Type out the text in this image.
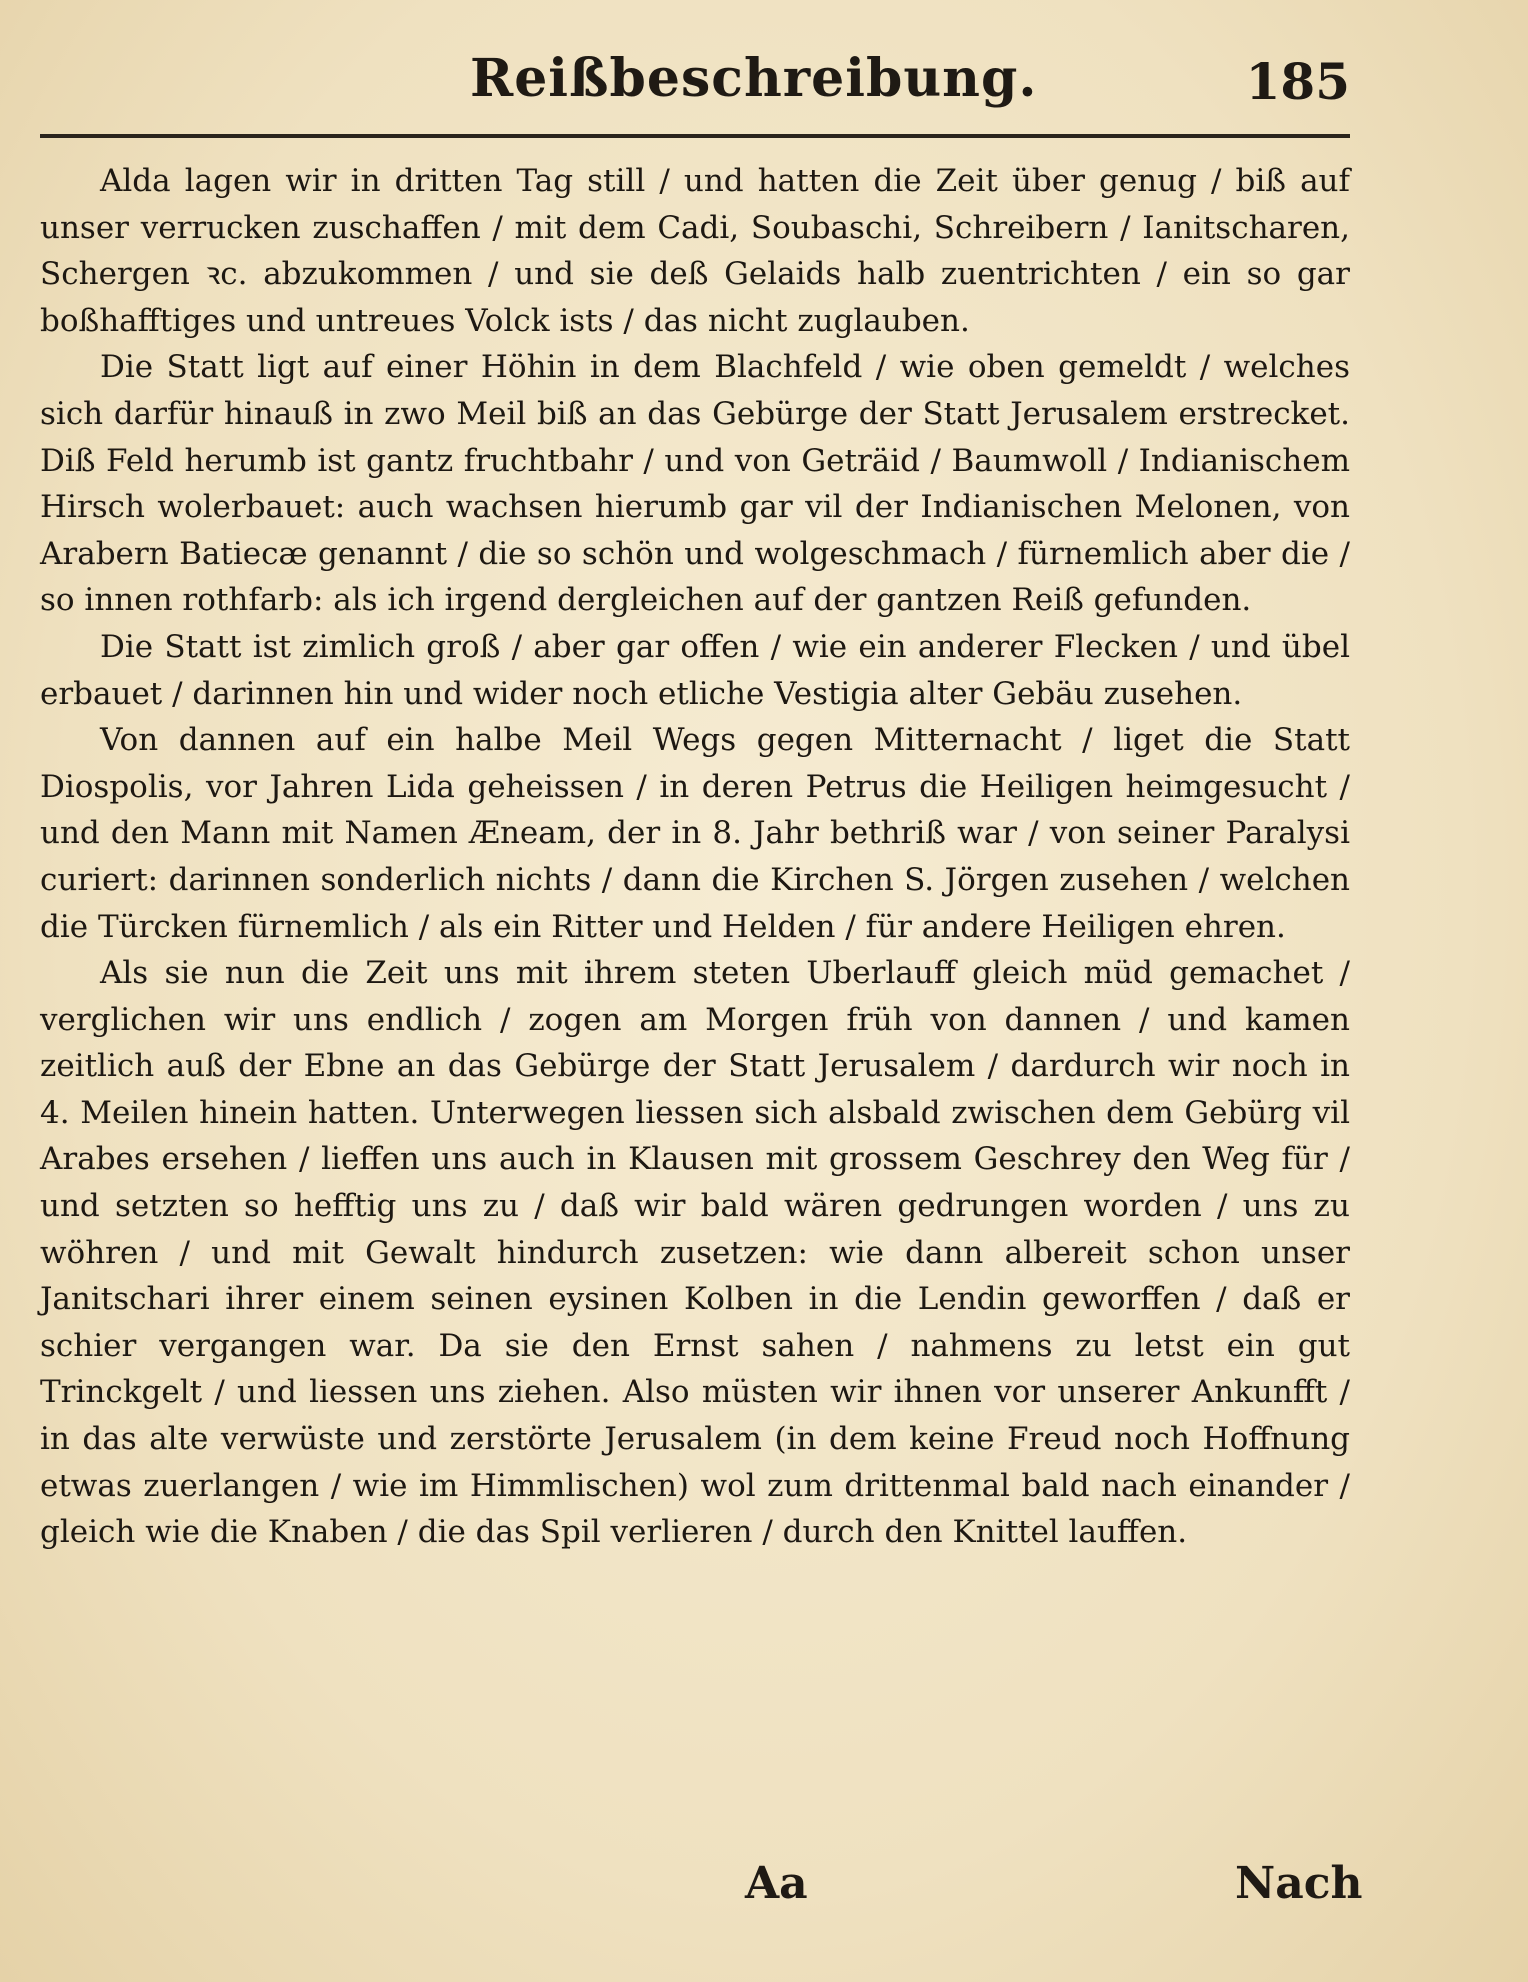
Reißbeschreibung.	185

Alda lagen wir in dritten Tag still / und hatten die Zeit über genug / biß auf unser verrucken zuschaffen / mit dem Cadi, Soubaschi, Schreibern / Ianitscharen, Schergen ꝛc. abzukommen / und sie deß Gelaids halb zuentrichten / ein so gar boßhafftiges und untreues Volck ists / das nicht zuglauben.

Die Statt ligt auf einer Höhin in dem Blachfeld / wie oben gemeldt / welches sich darfür hinauß in zwo Meil biß an das Gebürge der Statt Jerusalem erstrecket. Diß Feld herumb ist gantz fruchtbahr / und von Geträid / Baumwoll / Indianischem Hirsch wolerbauet: auch wachsen hierumb gar vil der Indianischen Melonen, von Arabern Batiecæ genannt / die so schön und wolgeschmach / fürnemlich aber die / so innen rothfarb: als ich irgend dergleichen auf der gantzen Reiß gefunden.

Die Statt ist zimlich groß / aber gar offen / wie ein anderer Flecken / und übel erbauet / darinnen hin und wider noch etliche Vestigia alter Gebäu zusehen.

Von dannen auf ein halbe Meil Wegs gegen Mitternacht / liget die Statt Diospolis, vor Jahren Lida geheissen / in deren Petrus die Heiligen heimgesucht / und den Mann mit Namen Æneam, der in 8. Jahr bethriß war / von seiner Paralysi curiert: darinnen sonderlich nichts / dann die Kirchen S. Jörgen zusehen / welchen die Türcken fürnemlich / als ein Ritter und Helden / für andere Heiligen ehren.

Als sie nun die Zeit uns mit ihrem steten Uberlauff gleich müd gemachet / verglichen wir uns endlich / zogen am Morgen früh von dannen / und kamen zeitlich auß der Ebne an das Gebürge der Statt Jerusalem / dardurch wir noch in 4. Meilen hinein hatten. Unterwegen liessen sich alsbald zwischen dem Gebürg vil Arabes ersehen / lieffen uns auch in Klausen mit grossem Geschrey den Weg für / und setzten so hefftig uns zu / daß wir bald wären gedrungen worden / uns zu wöhren / und mit Gewalt hindurch zusetzen: wie dann albereit schon unser Janitschari ihrer einem seinen eysinen Kolben in die Lendin geworffen / daß er schier vergangen war. Da sie den Ernst sahen / nahmens zu letst ein gut Trinckgelt / und liessen uns ziehen. Also müsten wir ihnen vor unserer Ankunfft / in das alte verwüste und zerstörte Jerusalem (in dem keine Freud noch Hoffnung etwas zuerlangen / wie im Himmlischen) wol zum drittenmal bald nach einander / gleich wie die Knaben / die das Spil verlieren / durch den Knittel lauffen.

Aa	Nach
